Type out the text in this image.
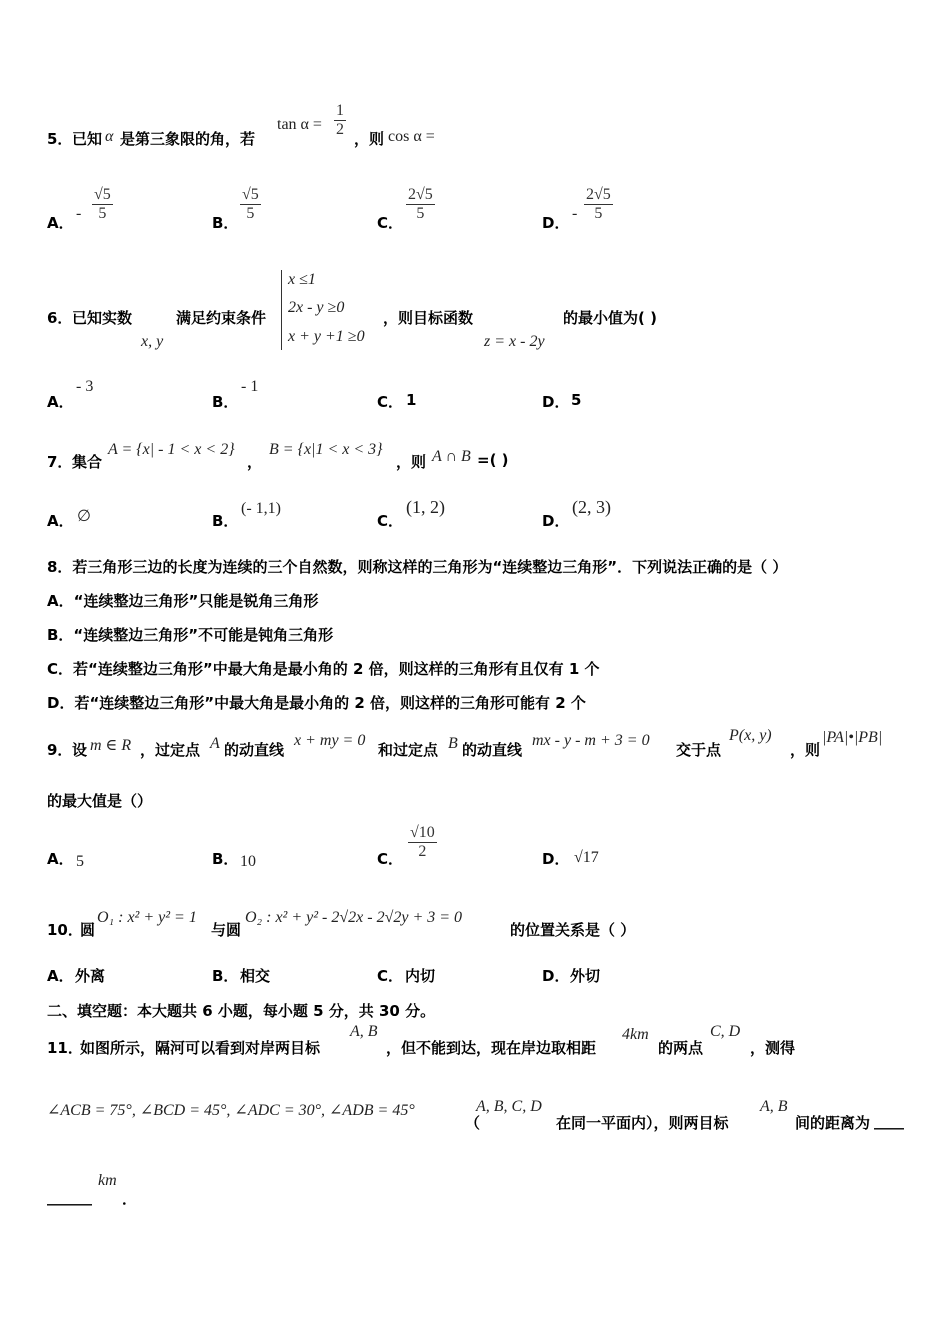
5． 已知 α 是第三象限的角，若
tan α =
1
2
，则 cos α =
A．
-
√5
5
B．
√5
5
C．
2√5
5
D．
-
2√5
5
6． 已知实数
x, y
满足约束条件
x ≤1
2x - y ≥0
x + y +1 ≥0
，则目标函数
z = x - 2y
的最小值为( )
A．
- 3
B．
- 1
C． 1	D． 5
7． 集合
A = {x| - 1 < x < 2}
，
B = {x|1 < x < 3}
，则 A ∩ B =( )
A． ∅	B．
(- 1,1)
C．
(1, 2)
D．
(2, 3)
8．若三角形三边的长度为连续的三个自然数，则称这样的三角形为“连续整边三角形”．下列说法正确的是（ ）
A．“连续整边三角形”只能是锐角三角形
B．“连续整边三角形”不可能是钝角三角形
C．若“连续整边三角形”中最大角是最小角的 2 倍，则这样的三角形有且仅有 1 个
D．若“连续整边三角形”中最大角是最小角的 2 倍，则这样的三角形可能有 2 个
9． 设 m ∈ R ，过定点 A 的动直线
x + my = 0
和过定点 B 的动直线
mx - y - m + 3 = 0
交于点
P(x, y)
，则
|PA|•|PB|
的最大值是（）
A． 5	B． 10	C．
√10
2	D． √17
10．
圆
O₁ : x² + y² = 1
与圆
O₂ : x² + y² - 2√2x - 2√2y + 3 = 0
的位置关系是（ ）
A． 外离	B． 相交	C． 内切	D． 外切
二、填空题：本大题共 6 小题，每小题 5 分，共 30 分。
11．
如图所示，隔河可以看到对岸两目标
A, B
，但不能到达，现在岸边取相距
4km
的两点
C, D
，测得
∠ACB = 75°, ∠BCD = 45°, ∠ADC = 30°, ∠ADB = 45°
（
A, B, C, D
在同一平面内），则两目标
A, B
间的距离为 ____
______
km
．
